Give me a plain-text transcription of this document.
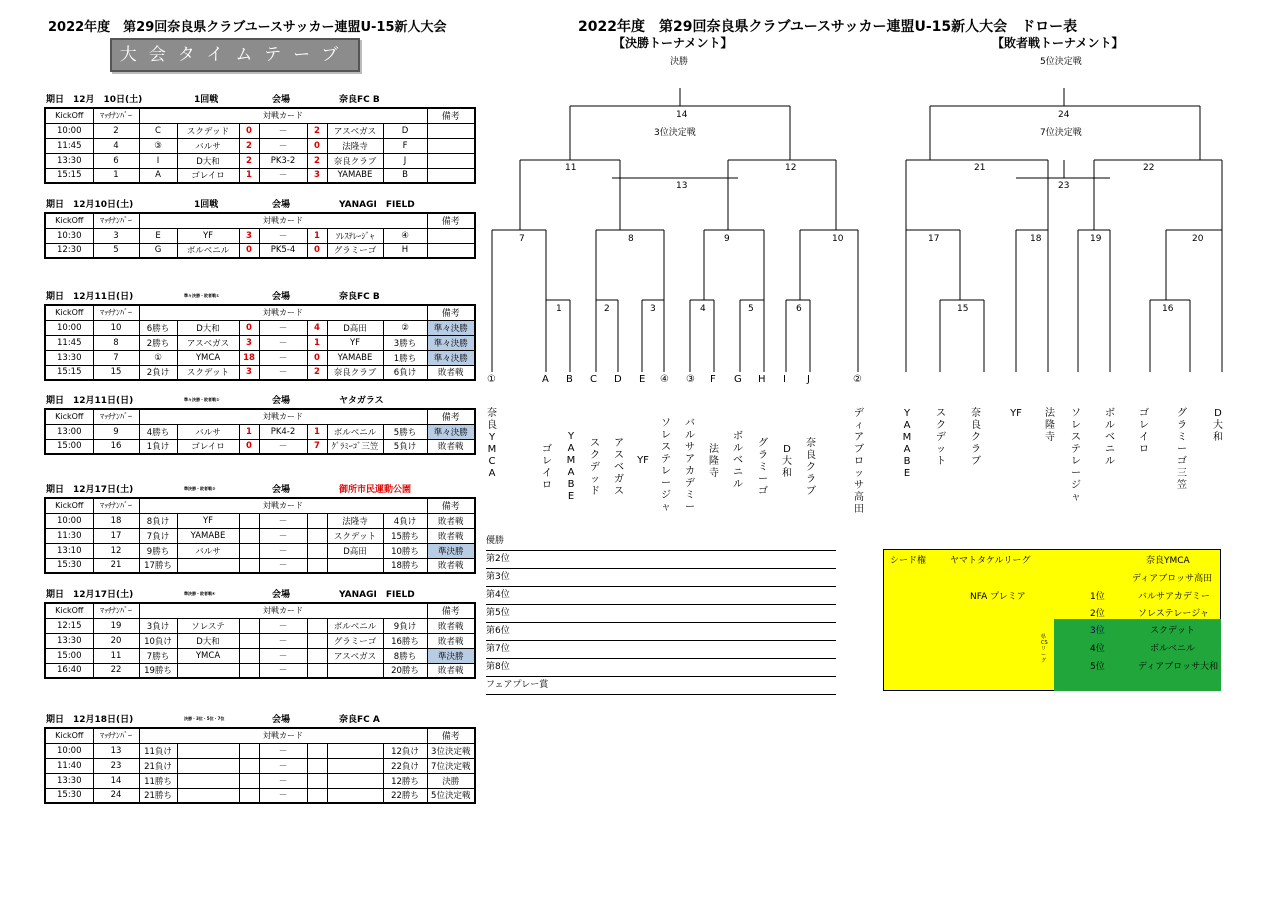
2022年度　第29回奈良県クラブユースサッカー連盟U-15新人大会
大会タイムテーブル
期日　12月　10日(土)	1回戦	会場	奈良FC B
KickOff	ﾏｯﾁﾅﾝﾊﾞｰ	対戦カード							備考
10:00	2	C	スクデッド	0	－	2	アスベガス	D	
11:45	4	③	バルサ	2	－	0	法隆寺	F	
13:30	6	I	D大和	2	PK3-2	2	奈良クラブ	J	
15:15	1	A	ゴレイロ	1	－	3	YAMABE	B	
期日　12月10日(土)	1回戦	会場	YANAGI　FIELD
KickOff	ﾏｯﾁﾅﾝﾊﾞｰ	対戦カード							備考
10:30	3	E	YF	3	－	1	ｿﾚｽﾃﾚｰｼﾞｬ	④	
12:30	5	G	ボルベニル	0	PK5-4	0	グラミーゴ	H	
期日　12月11日(日)	会場	奈良FC B
準々決勝・敗者戦①
KickOff	ﾏｯﾁﾅﾝﾊﾞｰ	対戦カード							備考
10:00	10	6勝ち	D大和	0	－	4	D高田	②	準々決勝
11:45	8	2勝ち	アスベガス	3	－	1	YF	3勝ち	準々決勝
13:30	7	①	YMCA	18	－	0	YAMABE	1勝ち	準々決勝
15:15	15	2負け	スクデット	3	－	2	奈良クラブ	6負け	敗者戦
期日　12月11日(日)	会場	ヤタガラス
準々決勝・敗者戦②
KickOff	ﾏｯﾁﾅﾝﾊﾞｰ	対戦カード							備考
13:00	9	4勝ち	バルサ	1	PK4-2	1	ボルベニル	5勝ち	準々決勝
15:00	16	1負け	ゴレイロ	0	－	7	ｸﾞﾗﾐｰｺﾞ三笠	5負け	敗者戦
期日　12月17日(土)	会場	御所市民運動公園
準決勝・敗者戦③
KickOff	ﾏｯﾁﾅﾝﾊﾞｰ	対戦カード							備考
10:00	18	8負け	YF		－		法隆寺	4負け	敗者戦
11:30	17	7負け	YAMABE		－		スクデット	15勝ち	敗者戦
13:10	12	9勝ち	バルサ		－		D高田	10勝ち	準決勝
15:30	21	17勝ち			－			18勝ち	敗者戦
期日　12月17日(土)	会場	YANAGI　FIELD
準決勝・敗者戦④
KickOff	ﾏｯﾁﾅﾝﾊﾞｰ	対戦カード							備考
12:15	19	3負け	ソレステ		－		ボルベニル	9負け	敗者戦
13:30	20	10負け	D大和		－		グラミーゴ	16勝ち	敗者戦
15:00	11	7勝ち	YMCA		－		アスベガス	8勝ち	準決勝
16:40	22	19勝ち			－			20勝ち	敗者戦
期日　12月18日(日)	会場	奈良FC A
決勝・3位・5位・7位
KickOff	ﾏｯﾁﾅﾝﾊﾞｰ	対戦カード							備考
10:00	13	11負け			－			12負け	3位決定戦
11:40	23	21負け			－			22負け	7位決定戦
13:30	14	11勝ち			－			12勝ち	決勝
15:30	24	21勝ち			－			22勝ち	5位決定戦
2022年度　第29回奈良県クラブユースサッカー連盟U-15新人大会　ドロー表
【決勝トーナメント】	【敗者戦トーナメント】
決勝	5位決定戦
3位決定戦	7位決定戦
14
11	12
13
7	8	9	10
1	2	3	4	5	6
24
21	22
23
17	18	19	20
15	16
①	A B C D E ④ ③ F G H I J	②
奈良YMCA
ゴレイロ
YAMABE
スクデッド
アスベガス
YF
ソレステレージャ
バルサアカデミー
法隆寺
ボルベニル
グラミーゴ
D大和
奈良クラブ
ディアブロッサ高田
YAMABE
スクデット
奈良クラブ
YF 法隆寺
ソレステレージャ
ボルベニル
ゴレイロ
グラミーゴ三笠
D大和
優勝
第2位
第3位
第4位
第5位
第6位
第7位
第8位
フェアプレー賞
シード権	ヤマトタケルリーグ	奈良YMCA
ディアブロッサ高田
NFA プレミア	1位	バルサアカデミー
2位	ソレステレージャ
3位	スクデット
4位	ボルベニル
5位	ディアブロッサ大和
県CSリーグ
